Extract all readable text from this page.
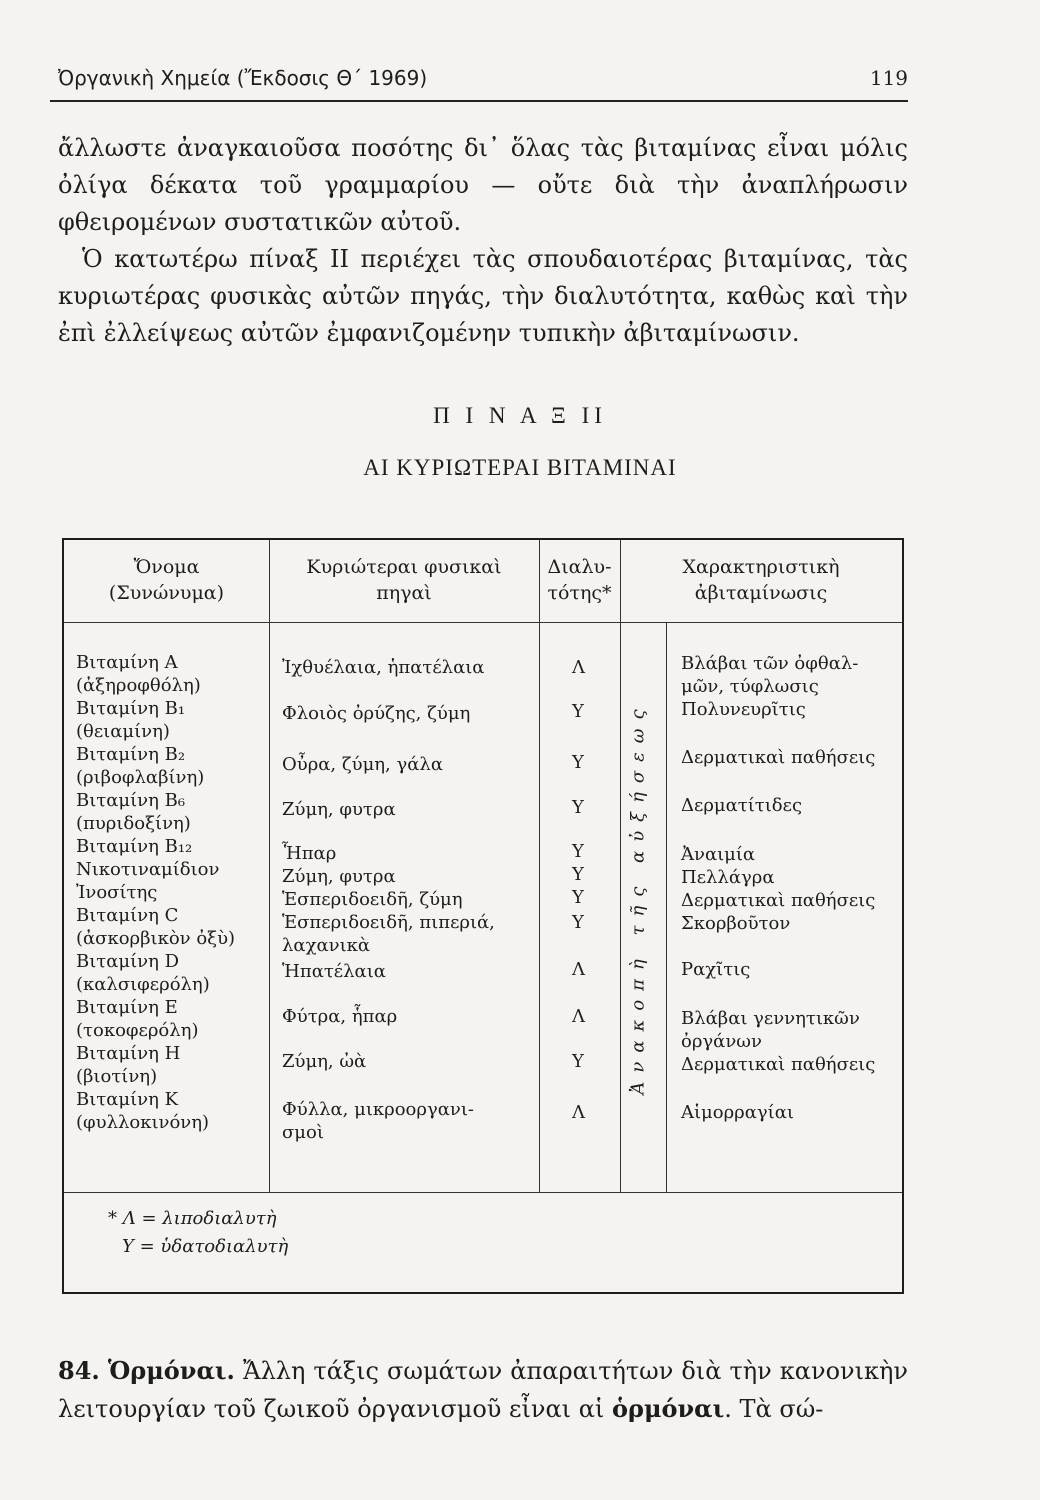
Ὀργανικὴ Χημεία (Ἔκδοσις Θ΄ 1969)	119

ἄλλωστε ἀναγκαιοῦσα ποσότης δι᾽ ὅλας τὰς βιταμίνας εἶναι μόλις ὀλίγα δέκατα τοῦ γραμμαρίου — οὔτε διὰ τὴν ἀναπλήρωσιν φθειρομένων συστατικῶν αὐτοῦ.

Ὁ κατωτέρω πίναξ ΙΙ περιέχει τὰς σπουδαιοτέρας βιταμίνας, τὰς κυριωτέρας φυσικὰς αὐτῶν πηγάς, τὴν διαλυτότητα, καθὼς καὶ τὴν ἐπὶ ἐλλείψεως αὐτῶν ἐμφανιζομένην τυπικὴν ἀβιταμίνωσιν.

Π Ι Ν Α Ξ ΙΙ
ΑΙ ΚΥΡΙΩΤΕΡΑΙ ΒΙΤΑΜΙΝΑΙ
Ὄνομα
(Συνώνυμα)
Κυριώτεραι φυσικαὶ
πηγαὶ
Διαλυ-
τότης*
Χαρακτηριστικὴ
ἀβιταμίνωσις
Βιταμίνη Α
(ἀξηροφθόλη)
Βιταμίνη Β₁
(θειαμίνη)
Βιταμίνη Β₂
(ριβοφλαβίνη)
Βιταμίνη Β₆
(πυριδοξίνη)
Βιταμίνη Β₁₂
Νικοτιναμίδιον
Ἰνοσίτης
Βιταμίνη C
(ἀσκορβικὸν ὀξὺ)
Βιταμίνη D
(καλσιφερόλη)
Βιταμίνη Ε
(τοκοφερόλη)
Βιταμίνη Η
(βιοτίνη)
Βιταμίνη Κ
(φυλλοκινόνη)
Ἰχθυέλαια, ἡπατέλαια
Φλοιὸς ὀρύζης, ζύμη
Οὖρα, ζύμη, γάλα
Ζύμη, φυτρα
Ἧπαρ
Ζύμη, φυτρα
Ἑσπεριδοειδῆ, ζύμη
Ἑσπεριδοειδῆ, πιπεριά,
λαχανικὰ
Ἡπατέλαια
Φύτρα, ἧπαρ
Ζύμη, ὠὰ
Φύλλα, μικροοργανι-
σμοὶ
Λ
Υ
Υ
Υ
Υ
Υ
Υ
Υ
Λ
Λ
Υ
Λ
Ἀνακοπὴ τῆς αὐξήσεως
Βλάβαι τῶν ὀφθαλ-
μῶν, τύφλωσις
Πολυνευρῖτις
Δερματικαὶ παθήσεις
Δερματίτιδες
Ἀναιμία
Πελλάγρα
Δερματικαὶ παθήσεις
Σκορβοῦτον
Ραχῖτις
Βλάβαι γεννητικῶν
ὀργάνων
Δερματικαὶ παθήσεις
Αἱμορραγίαι
* Λ = λιποδιαλυτὴ
Υ = ὑδατοδιαλυτὴ
84. Ὁρμόναι. Ἄλλη τάξις σωμάτων ἀπαραιτήτων διὰ τὴν κανονικὴν λειτουργίαν τοῦ ζωικοῦ ὀργανισμοῦ εἶναι αἱ ὁρμόναι. Τὰ σώ-
